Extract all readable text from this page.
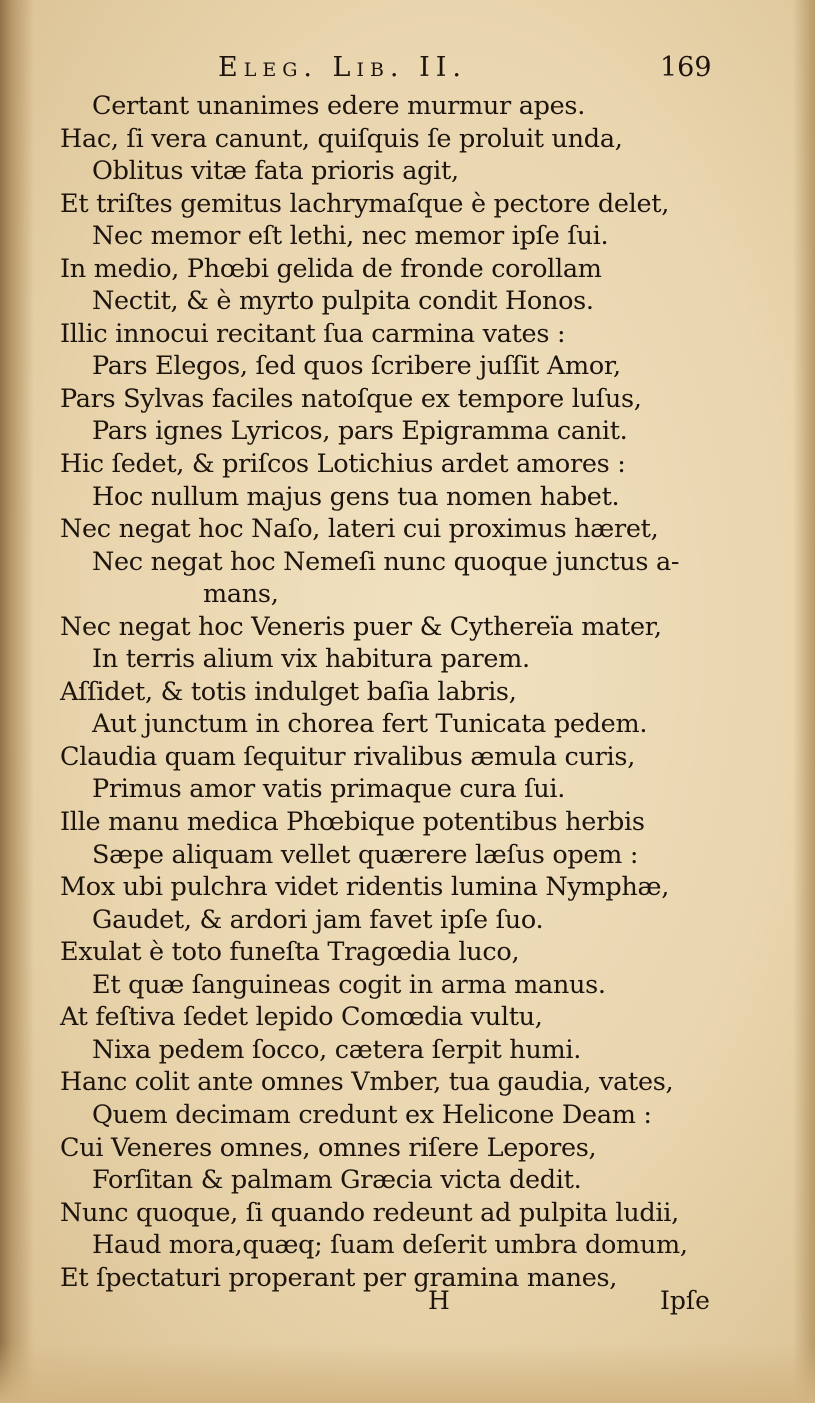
Eleg. Lib. II.	169
Certant unanimes edere murmur apes.
Hac, ſi vera canunt, quiſquis ſe proluit unda,
Oblitus vitæ fata prioris agit,
Et triſtes gemitus lachrymaſque è pectore delet,
Nec memor eſt lethi, nec memor ipſe ſui.
In medio, Phœbi gelida de fronde corollam
Nectit, & è myrto pulpita condit Honos.
Illic innocui recitant ſua carmina vates :
Pars Elegos, ſed quos ſcribere juſſit Amor,
Pars Sylvas faciles natoſque ex tempore luſus,
Pars ignes Lyricos, pars Epigramma canit.
Hic ſedet, & priſcos Lotichius ardet amores :
Hoc nullum majus gens tua nomen habet.
Nec negat hoc Naſo, lateri cui proximus hæret,
Nec negat hoc Nemeſi nunc quoque junctus a-
mans,
Nec negat hoc Veneris puer & Cythereïa mater,
In terris alium vix habitura parem.
Aſſidet, & totis indulget baſia labris,
Aut junctum in chorea fert Tunicata pedem.
Claudia quam ſequitur rivalibus æmula curis,
Primus amor vatis primaque cura ſui.
Ille manu medica Phœbique potentibus herbis
Sæpe aliquam vellet quærere læſus opem :
Mox ubi pulchra videt ridentis lumina Nymphæ,
Gaudet, & ardori jam favet ipſe ſuo.
Exulat è toto funeſta Tragœdia luco,
Et quæ ſanguineas cogit in arma manus.
At feſtiva ſedet lepido Comœdia vultu,
Nixa pedem ſocco, cætera ſerpit humi.
Hanc colit ante omnes Vmber, tua gaudia, vates,
Quem decimam credunt ex Helicone Deam :
Cui Veneres omnes, omnes riſere Lepores,
Forſitan & palmam Græcia victa dedit.
Nunc quoque, ſi quando redeunt ad pulpita ludii,
Haud mora,quæq; ſuam deſerit umbra domum,
Et ſpectaturi properant per gramina manes,
H	Ipſe
